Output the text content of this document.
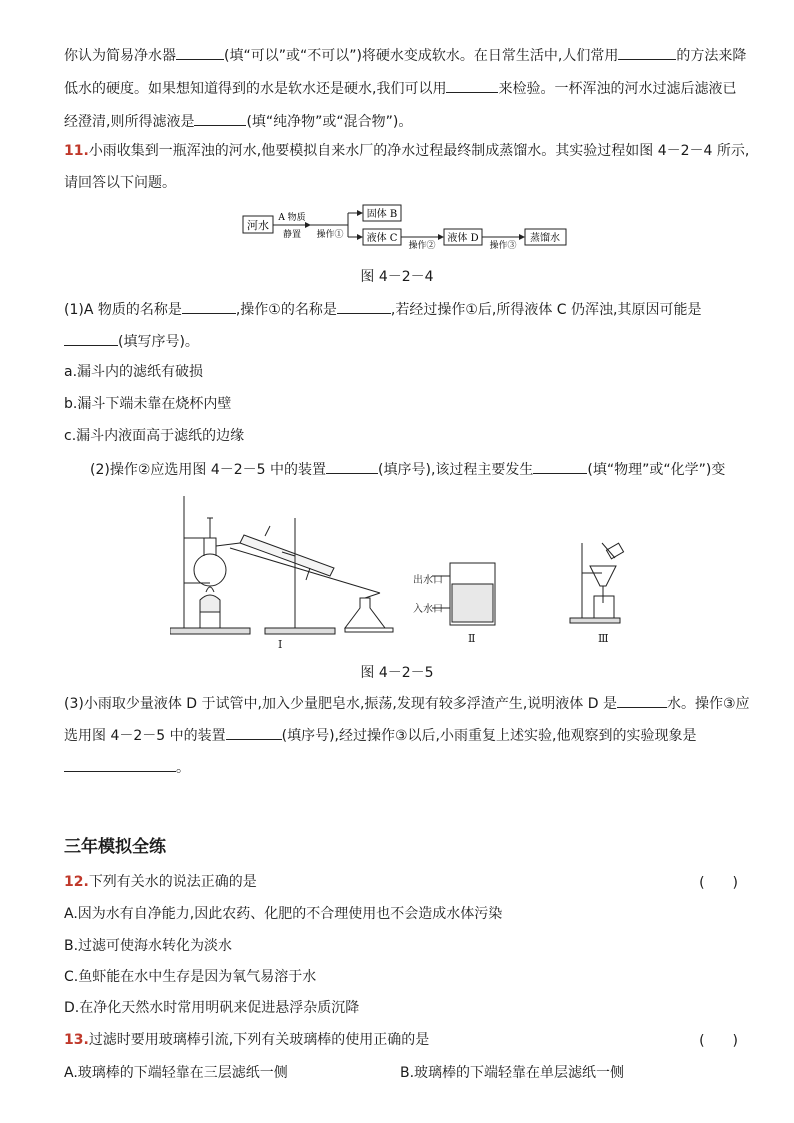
你认为简易净水器	(填“可以”或“不可以”)将硬水变成软水。在日常生活中,人们常用	的方法来降
低水的硬度。如果想知道得到的水是软水还是硬水,我们可以用	来检验。一杯浑浊的河水过滤后滤液已
经澄清,则所得滤液是	(填“纯净物”或“混合物”)。
11.小雨收集到一瓶浑浊的河水,他要模拟自来水厂的净水过程最终制成蒸馏水。其实验过程如图 4－2－4 所示,
请回答以下问题。
河水
A 物质
静置 操作①
固体 B
液体 C
操作②
液体 D
操作③
蒸馏水
图 4－2－4
(1)A 物质的名称是	,操作①的名称是	,若经过操作①后,所得液体 C 仍浑浊,其原因可能是
(填写序号)。
a.漏斗内的滤纸有破损
b.漏斗下端未靠在烧杯内壁
c.漏斗内液面高于滤纸的边缘
(2)操作②应选用图 4－2－5 中的装置	(填序号),该过程主要发生	(填“物理”或“化学”)变
Ⅰ
出水口
入水口
Ⅱ	Ⅲ
图 4－2－5
(3)小雨取少量液体 D 于试管中,加入少量肥皂水,振荡,发现有较多浮渣产生,说明液体 D 是	水。操作③应
选用图 4－2－5 中的装置	(填序号),经过操作③以后,小雨重复上述实验,他观察到的实验现象是
。
三年模拟全练
12.下列有关水的说法正确的是	(　　)
A.因为水有自净能力,因此农药、化肥的不合理使用也不会造成水体污染
B.过滤可使海水转化为淡水
C.鱼虾能在水中生存是因为氧气易溶于水
D.在净化天然水时常用明矾来促进悬浮杂质沉降
13.过滤时要用玻璃棒引流,下列有关玻璃棒的使用正确的是	(　　)
A.玻璃棒的下端轻靠在三层滤纸一侧	B.玻璃棒的下端轻靠在单层滤纸一侧
